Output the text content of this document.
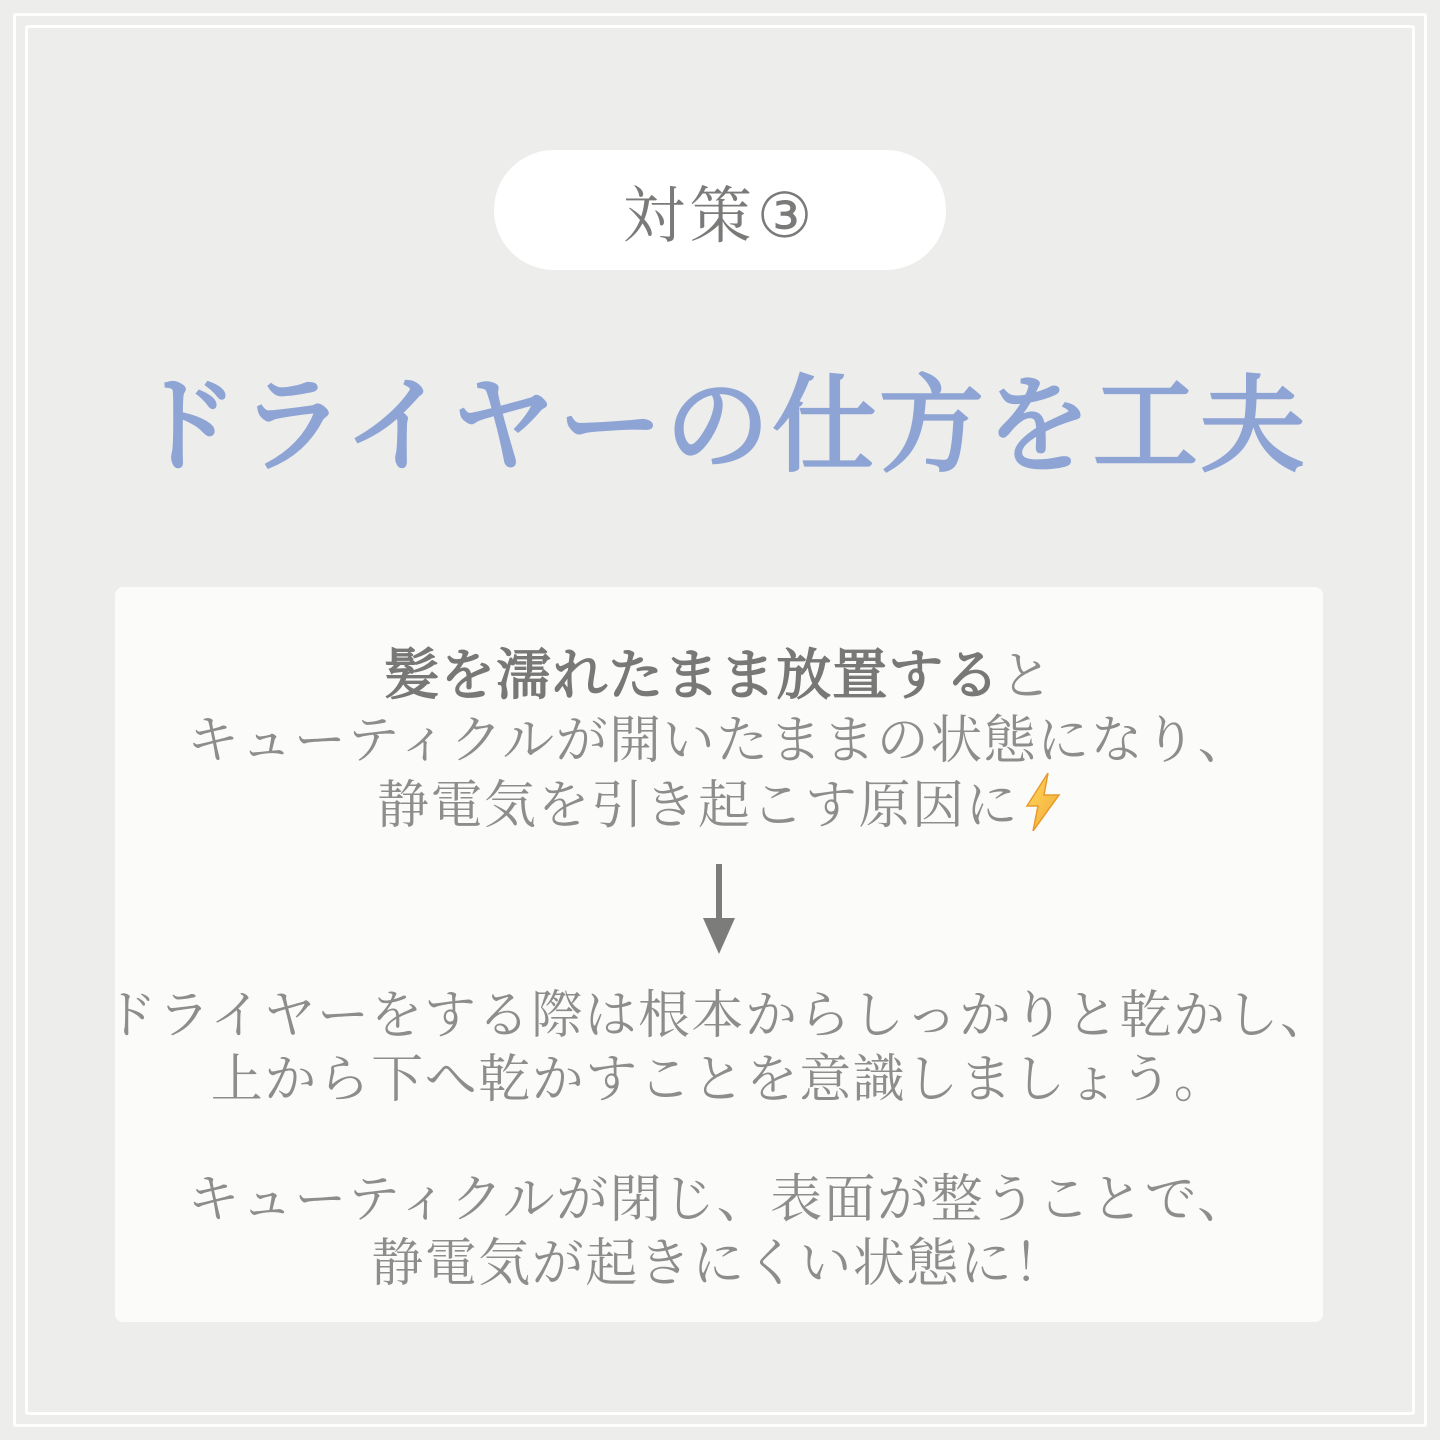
対策③
ドライヤーの仕方を工夫

髪を濡れたまま放置すると
キューティクルが開いたままの状態になり、
静電気を引き起こす原因に

ドライヤーをする際は根本からしっかりと乾かし、
上から下へ乾かすことを意識しましょう。

キューティクルが閉じ、表面が整うことで、
静電気が起きにくい状態に！
